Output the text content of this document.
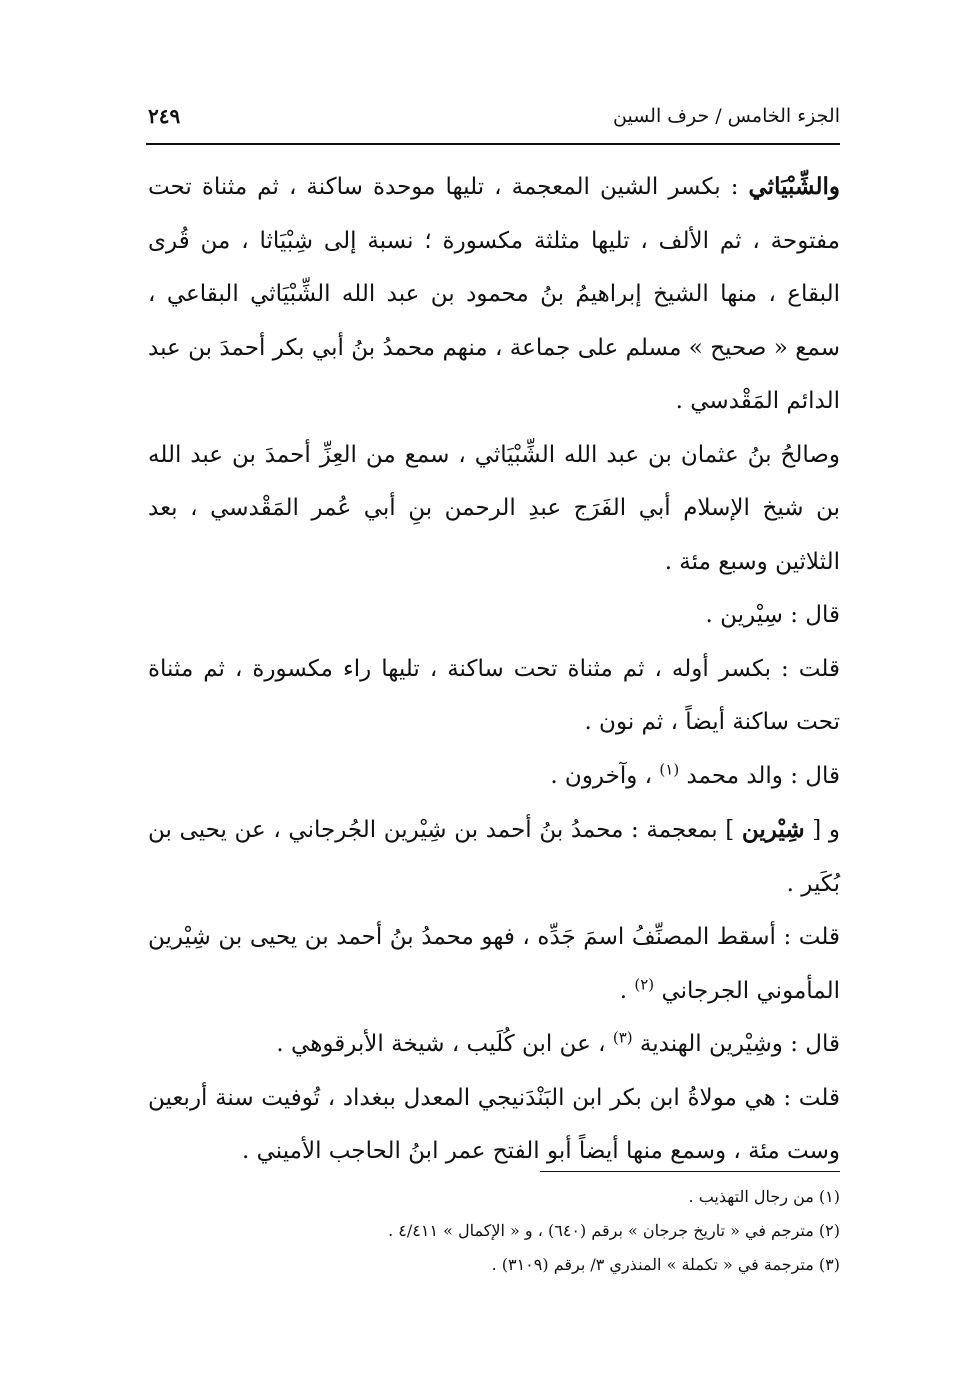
الجزء الخامس / حرف السين
٢٤٩

والشِّبْيَاثي : بكسر الشين المعجمة ، تليها موحدة ساكنة ، ثم مثناة تحت مفتوحة ، ثم الألف ، تليها مثلثة مكسورة ؛ نسبة إلى شِبْيَاثا ، من قُرى البقاع ، منها الشيخ إبراهيمُ بنُ محمود بن عبد الله الشِّبْيَاثي البقاعي ، سمع « صحيح » مسلم على جماعة ، منهم محمدُ بنُ أبي بكر أحمدَ بن عبد الدائم المَقْدسي .

وصالحُ بنُ عثمان بن عبد الله الشِّبْيَاثي ، سمع من العِزِّ أحمدَ بن عبد الله بن شيخ الإسلام أبي الفَرَج عبدِ الرحمن بنِ أبي عُمر المَقْدسي ، بعد الثلاثين وسبع مئة .

قال : سِيْرين .

قلت : بكسر أوله ، ثم مثناة تحت ساكنة ، تليها راء مكسورة ، ثم مثناة تحت ساكنة أيضاً ، ثم نون .

قال : والد محمد $^{(١)}$ ، وآخرون .

و [ شِيْرين ] بمعجمة : محمدُ بنُ أحمد بن شِيْرين الجُرجاني ، عن يحيى بن بُكَير .

قلت : أسقط المصنِّفُ اسمَ جَدِّه ، فهو محمدُ بنُ أحمد بن يحيى بن شِيْرين المأموني الجرجاني $^{(٢)}$ .

قال : وشِيْرين الهندية $^{(٣)}$ ، عن ابن كُلَيب ، شيخة الأبرقوهي .

قلت : هي مولاةُ ابن بكر ابن البَنْدَنيجي المعدل ببغداد ، تُوفيت سنة أربعين وست مئة ، وسمع منها أيضاً أبو الفتح عمر ابنُ الحاجب الأميني .

(١) من رجال التهذيب .

(٢) مترجم في « تاريخ جرجان » برقم (٦٤٠) ، و « الإكمال » ٤/٤١١ .

(٣) مترجمة في « تكملة » المنذري ٣/ برقم (٣١٠٩) .
